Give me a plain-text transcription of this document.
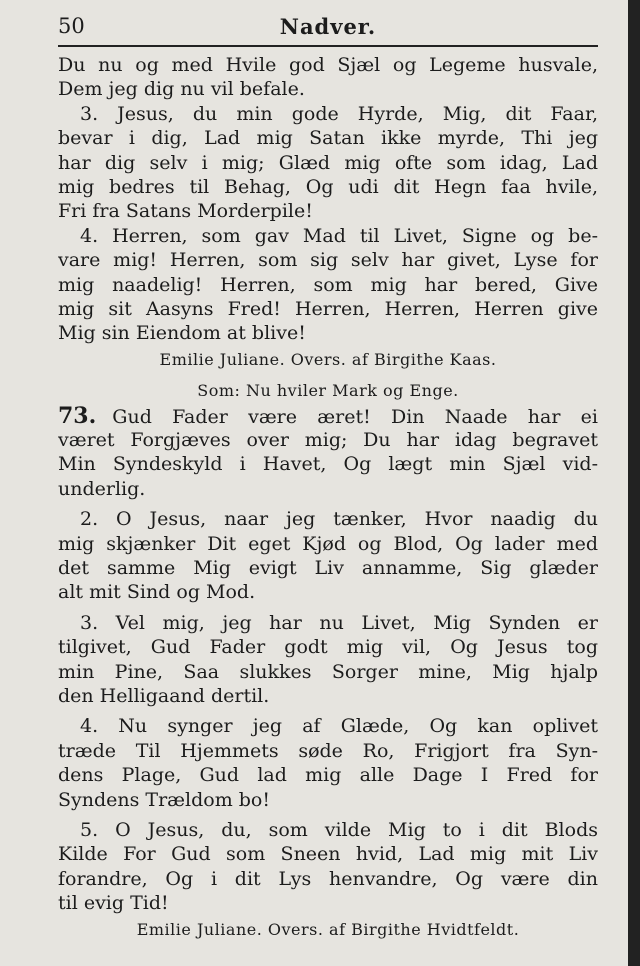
50	Nadver.
Du nu og med Hvile god Sjæl og Legeme husvale,
Dem jeg dig nu vil befale.
3. Jesus, du min gode Hyrde, Mig, dit Faar,
bevar i dig, Lad mig Satan ikke myrde, Thi jeg
har dig selv i mig; Glæd mig ofte som idag, Lad
mig bedres til Behag, Og udi dit Hegn faa hvile,
Fri fra Satans Morderpile!
4. Herren, som gav Mad til Livet, Signe og be-
vare mig! Herren, som sig selv har givet, Lyse for
mig naadelig! Herren, som mig har bered, Give
mig sit Aasyns Fred! Herren, Herren, Herren give
Mig sin Eiendom at blive!
Emilie Juliane. Overs. af Birgithe Kaas.
Som: Nu hviler Mark og Enge.
73. Gud Fader være æret! Din Naade har ei
været Forgjæves over mig; Du har idag begravet
Min Syndeskyld i Havet, Og lægt min Sjæl vid-
underlig.
2. O Jesus, naar jeg tænker, Hvor naadig du
mig skjænker Dit eget Kjød og Blod, Og lader med
det samme Mig evigt Liv annamme, Sig glæder
alt mit Sind og Mod.
3. Vel mig, jeg har nu Livet, Mig Synden er
tilgivet, Gud Fader godt mig vil, Og Jesus tog
min Pine, Saa slukkes Sorger mine, Mig hjalp
den Helligaand dertil.
4. Nu synger jeg af Glæde, Og kan oplivet
træde Til Hjemmets søde Ro, Frigjort fra Syn-
dens Plage, Gud lad mig alle Dage I Fred for
Syndens Trældom bo!
5. O Jesus, du, som vilde Mig to i dit Blods
Kilde For Gud som Sneen hvid, Lad mig mit Liv
forandre, Og i dit Lys henvandre, Og være din
til evig Tid!
Emilie Juliane. Overs. af Birgithe Hvidtfeldt.
